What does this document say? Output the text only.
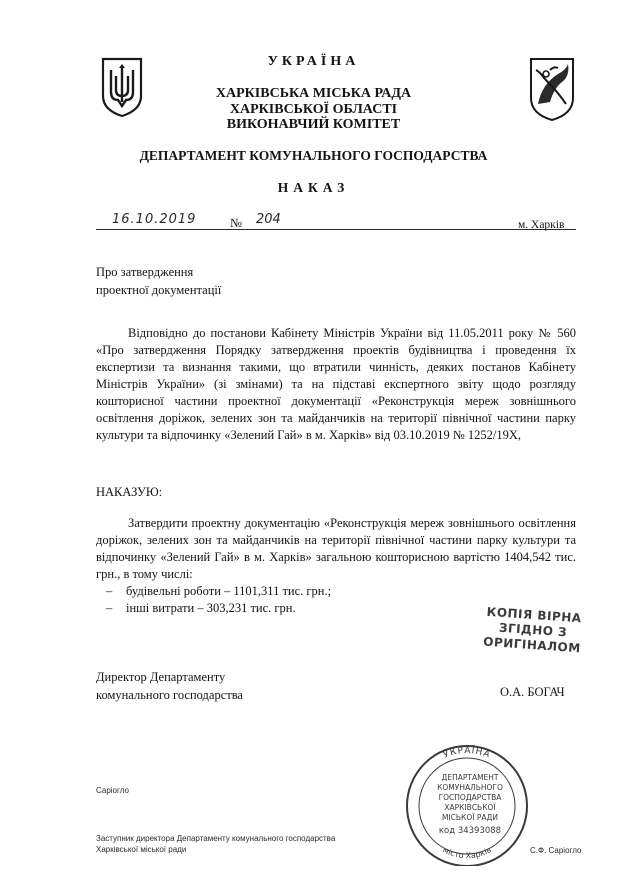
УКРАЇНА
ХАРКІВСЬКА МІСЬКА РАДА
ХАРКІВСЬКОЇ ОБЛАСТІ
ВИКОНАВЧИЙ КОМІТЕТ
ДЕПАРТАМЕНТ КОМУНАЛЬНОГО ГОСПОДАРСТВА
НАКАЗ
16.10.2019	№ 204	м. Харків
Про затвердження
проектної документації
Відповідно до постанови Кабінету Міністрів України від 11.05.2011 року № 560 «Про затвердження Порядку затвердження проектів будівництва і проведення їх експертизи та визнання такими, що втратили чинність, деяких постанов Кабінету Міністрів України» (зі змінами) та на підставі експертного звіту щодо розгляду кошторисної частини проектної документації «Реконструкція мереж зовнішнього освітлення доріжок, зелених зон та майданчиків на території північної частини парку культури та відпочинку «Зелений Гай» в м. Харків» від 03.10.2019 № 1252/19Х,
НАКАЗУЮ:
Затвердити проектну документацію «Реконструкція мереж зовнішнього освітлення доріжок, зелених зон та майданчиків на території північної частини парку культури та відпочинку «Зелений Гай» в м. Харків» загальною кошторисною вартістю 1404,542 тис. грн., в тому числі:
– будівельні роботи – 1101,311 тис. грн.;
– інші витрати – 303,231 тис. грн.	КОПІЯ ВІРНА
ЗГІДНО З
ОРИГІНАЛОМ
Директор Департаменту
комунального господарства	О.А. БОГАЧ
УКРАЇНА
місто Харків
ДЕПАРТАМЕНТ
КОМУНАЛЬНОГО
ГОСПОДАРСТВА
ХАРКІВСЬКОЇ
МІСЬКОЇ РАДИ
код 34393088
Саріогло
Заступник директора Департаменту комунального господарства
Харківської міської ради	С.Ф. Саріогло
